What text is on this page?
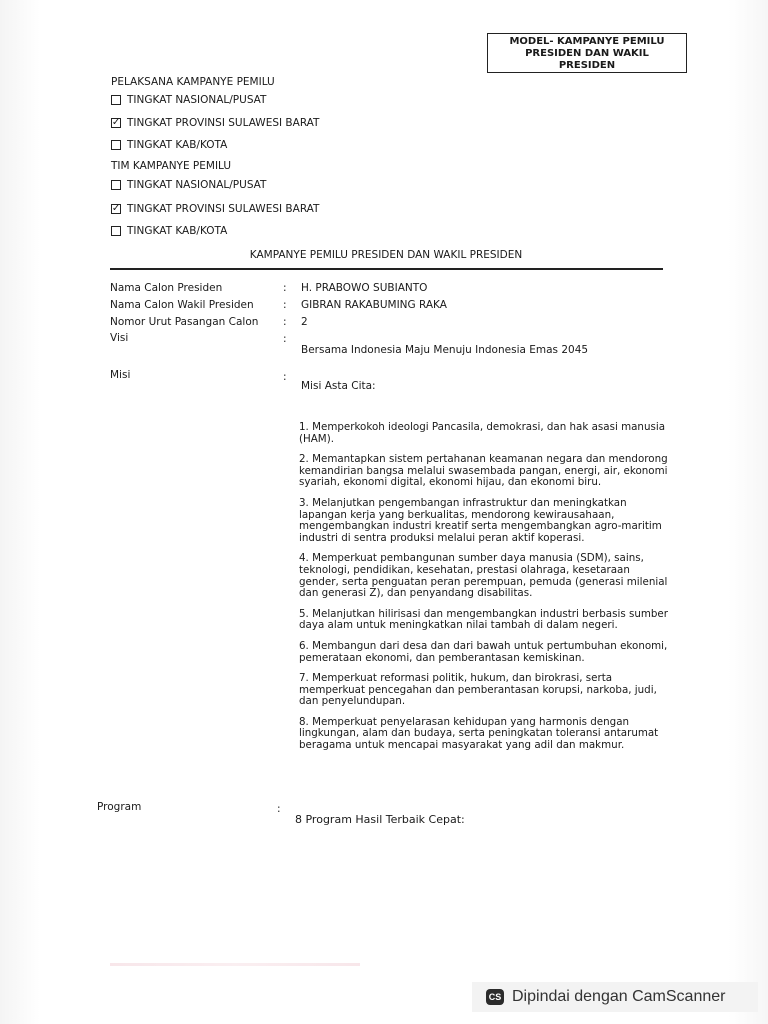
MODEL- KAMPANYE PEMILU
PRESIDEN DAN WAKIL
PRESIDEN
PELAKSANA KAMPANYE PEMILU
TINGKAT NASIONAL/PUSAT
✓ TINGKAT PROVINSI SULAWESI BARAT
TINGKAT KAB/KOTA
TIM KAMPANYE PEMILU
TINGKAT NASIONAL/PUSAT
✓ TINGKAT PROVINSI SULAWESI BARAT
TINGKAT KAB/KOTA
KAMPANYE PEMILU PRESIDEN DAN WAKIL PRESIDEN
Nama Calon Presiden	: H. PRABOWO SUBIANTO
Nama Calon Wakil Presiden	: GIBRAN RAKABUMING RAKA
Nomor Urut Pasangan Calon : 2
Visi	:
Bersama Indonesia Maju Menuju Indonesia Emas 2045
Misi	:
Misi Asta Cita:
1. Memperkokoh ideologi Pancasila, demokrasi, dan hak asasi manusia (HAM).
2. Memantapkan sistem pertahanan keamanan negara dan mendorong kemandirian bangsa melalui swasembada pangan, energi, air, ekonomi syariah, ekonomi digital, ekonomi hijau, dan ekonomi biru.
3. Melanjutkan pengembangan infrastruktur dan meningkatkan lapangan kerja yang berkualitas, mendorong kewirausahaan, mengembangkan industri kreatif serta mengembangkan agro-maritim industri di sentra produksi melalui peran aktif koperasi.
4. Memperkuat pembangunan sumber daya manusia (SDM), sains, teknologi, pendidikan, kesehatan, prestasi olahraga, kesetaraan gender, serta penguatan peran perempuan, pemuda (generasi milenial dan generasi Z), dan penyandang disabilitas.
5. Melanjutkan hilirisasi dan mengembangkan industri berbasis sumber daya alam untuk meningkatkan nilai tambah di dalam negeri.
6. Membangun dari desa dan dari bawah untuk pertumbuhan ekonomi, pemerataan ekonomi, dan pemberantasan kemiskinan.
7. Memperkuat reformasi politik, hukum, dan birokrasi, serta memperkuat pencegahan dan pemberantasan korupsi, narkoba, judi, dan penyelundupan.
8. Memperkuat penyelarasan kehidupan yang harmonis dengan lingkungan, alam dan budaya, serta peningkatan toleransi antarumat beragama untuk mencapai masyarakat yang adil dan makmur.
Program	:
8 Program Hasil Terbaik Cepat:
CS Dipindai dengan CamScanner
